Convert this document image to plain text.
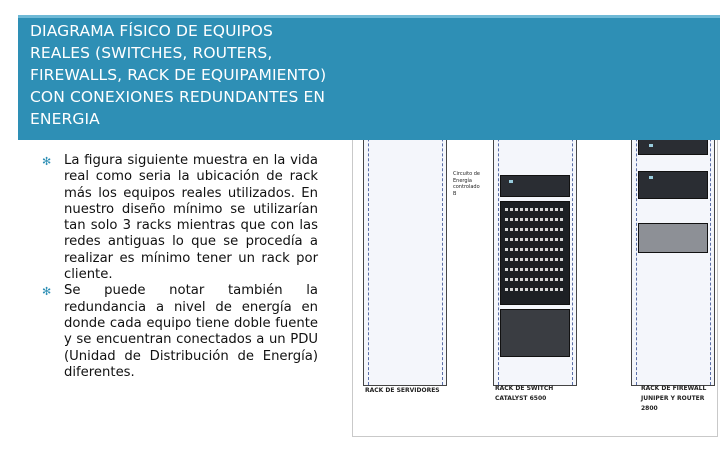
Circuito de
Energía
controlado
B
RACK DE SERVIDORES	RACK DE SWITCH
CATALYST 6500
RACK DE FIREWALL
JUNIPER Y ROUTER
2800
DIAGRAMA FÍSICO DE EQUIPOS
REALES (SWITCHES, ROUTERS,
FIREWALLS, RACK DE EQUIPAMIENTO)
CON CONEXIONES REDUNDANTES EN
ENERGIA
✻ La figura siguiente muestra en la vida real como seria la ubicación de rack más los equipos reales utilizados. En nuestro diseño mínimo se utilizarían tan solo 3 racks mientras que con las redes antiguas lo que se procedía a realizar es mínimo tener un rack por cliente.
✻ Se puede notar también la redundancia a nivel de energía en donde cada equipo tiene doble fuente y se encuentran conectados a un PDU (Unidad de Distribución de Energía) diferentes.
